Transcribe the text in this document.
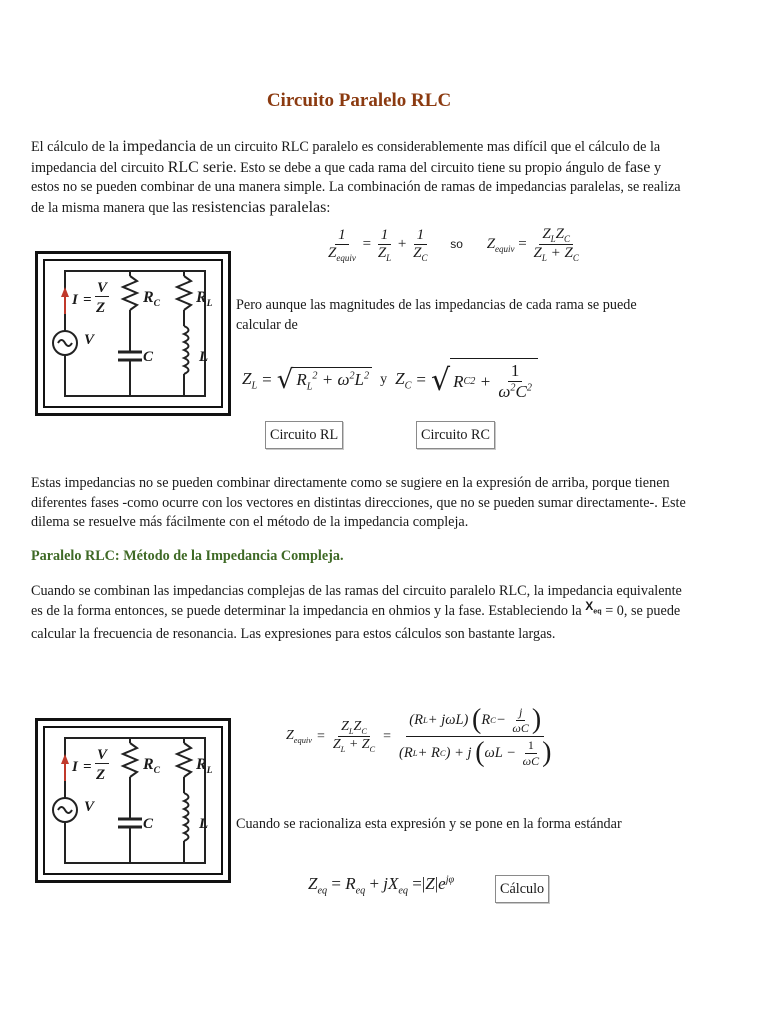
Circuito Paralelo RLC

El cálculo de la impedancia de un circuito RLC paralelo es considerablemente mas difícil que el cálculo de la impedancia del circuito RLC serie. Esto se debe a que cada rama del circuito tiene su propio ángulo de fase y estos no se pueden combinar de una manera simple. La combinación de ramas de impedancias paralelas, se realiza de la misma manera que las resistencias paralelas:

$\frac{1}{Z_{equiv}} = \frac{1}{Z_L} + \frac{1}{Z_C}$ so $Z_{equiv} = \frac{Z_LZ_C}{Z_L + Z_C}$
I =
V
Z
V
$R_C$ $R_L$
C	L

Pero aunque las magnitudes de las impedancias de cada rama se puede calcular de

$Z_L$ = √ $R_L^2 + \omega^2L^2$ y $Z_C$ = √ R C $2 + \frac{1}{\omega^2C^2}$
Circuito RL	Circuito RC

Estas impedancias no se pueden combinar directamente como se sugiere en la expresión de arriba, porque tienen diferentes fases -como ocurre con los vectores en distintas direcciones, que no se pueden sumar directamente-. Este dilema se resuelve más fácilmente con el método de la impedancia compleja.

Paralelo RLC: Método de la Impedancia Compleja.

Cuando se combinan las impedancias complejas de las ramas del circuito paralelo RLC, la impedancia equivalente es de la forma entonces, se puede determinar la impedancia en ohmios y la fase. Estableciendo la $^{X_{eq}}$ = 0, se puede calcular la frecuencia de resonancia. Las expresiones para estos cálculos son bastante largas.

I =
V
Z
V
$R_C$ $R_L$
C	L
$Z_{equiv} = \frac{Z_LZ_C}{Z_L + Z_C} = \frac{(R L + j\omega L) ( R C - \frac{j}{\omega C} )}{(R L + R C ) + j ( \omega L - \frac{1}{\omega C} )}$

Cuando se racionaliza esta expresión y se pone en la forma estándar

$Z_{eq} = R_{eq} + jX_{eq} =|Z|e^{j\varphi}$
Cálculo
